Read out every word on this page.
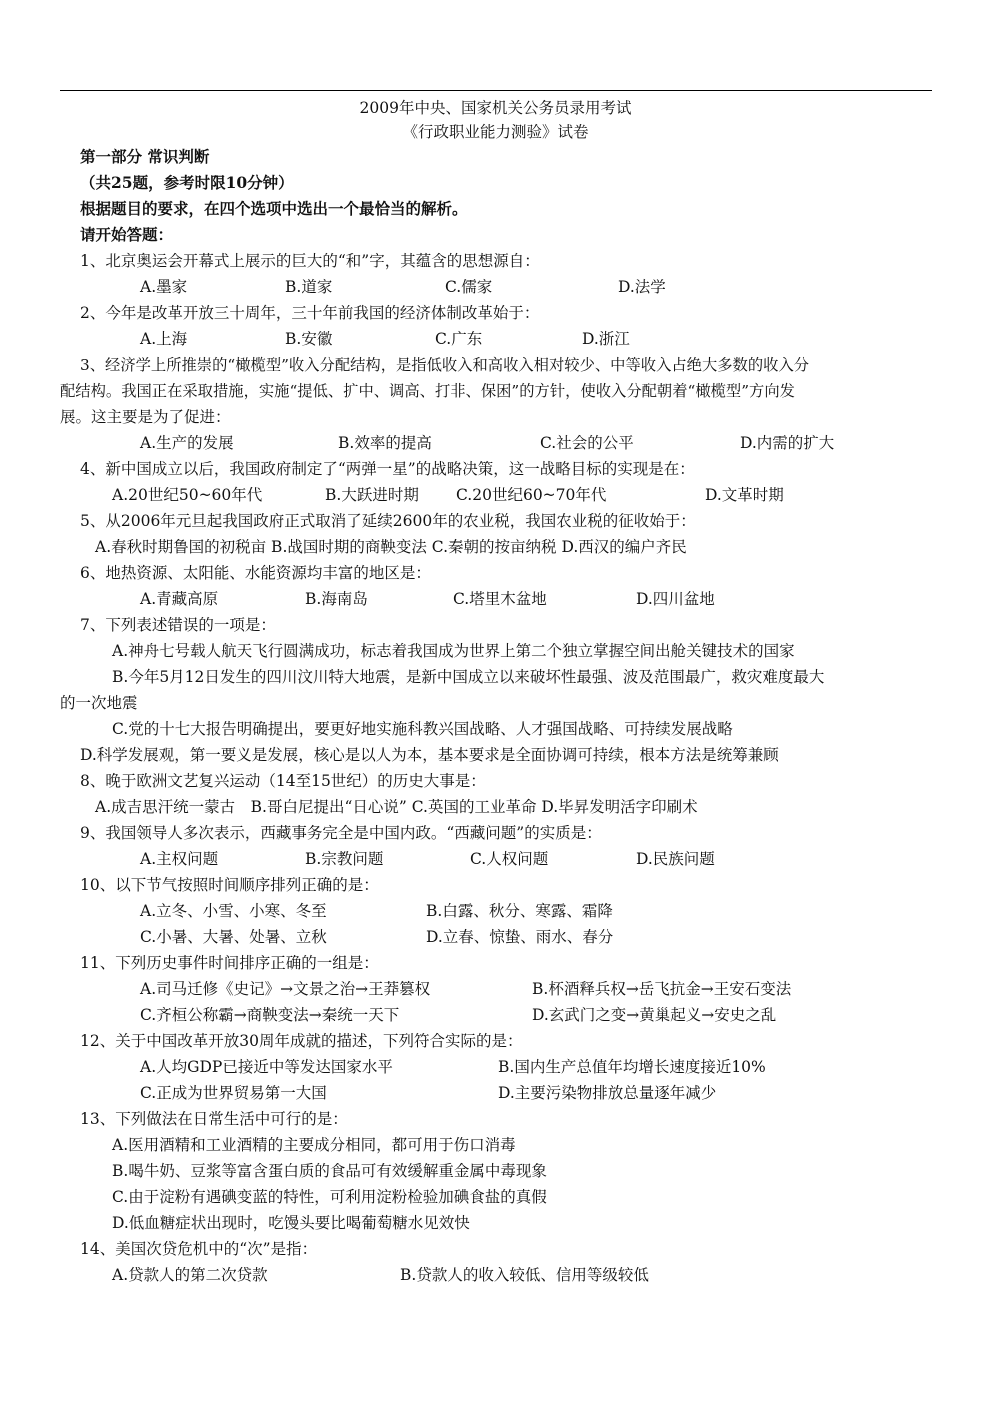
2009年中央、国家机关公务员录用考试
《行政职业能力测验》试卷
第一部分 常识判断
（共25题，参考时限10分钟）
根据题目的要求，在四个选项中选出一个最恰当的解析。
请开始答题：
1、北京奥运会开幕式上展示的巨大的“和”字，其蕴含的思想源自：
A.墨家	B.道家	C.儒家	D.法学
2、今年是改革开放三十周年，三十年前我国的经济体制改革始于：
A.上海	B.安徽	C.广东	D.浙江
3、经济学上所推崇的“橄榄型”收入分配结构，是指低收入和高收入相对较少、中等收入占绝大多数的收入分
配结构。我国正在采取措施，实施“提低、扩中、调高、打非、保困”的方针，使收入分配朝着“橄榄型”方向发
展。这主要是为了促进：
A.生产的发展	B.效率的提高	C.社会的公平	D.内需的扩大
4、新中国成立以后，我国政府制定了“两弹一星”的战略决策，这一战略目标的实现是在：
A.20世纪50~60年代	B.大跃进时期 C.20世纪60~70年代	D.文革时期
5、从2006年元旦起我国政府正式取消了延续2600年的农业税，我国农业税的征收始于：
A.春秋时期鲁国的初税亩 B.战国时期的商鞅变法 C.秦朝的按亩纳税 D.西汉的编户齐民
6、地热资源、太阳能、水能资源均丰富的地区是：
A.青藏高原	B.海南岛	C.塔里木盆地	D.四川盆地
7、下列表述错误的一项是：
A.神舟七号载人航天飞行圆满成功，标志着我国成为世界上第二个独立掌握空间出舱关键技术的国家
B.今年5月12日发生的四川汶川特大地震，是新中国成立以来破坏性最强、波及范围最广，救灾难度最大
的一次地震
C.党的十七大报告明确提出，要更好地实施科教兴国战略、人才强国战略、可持续发展战略
D.科学发展观，第一要义是发展，核心是以人为本，基本要求是全面协调可持续，根本方法是统筹兼顾
8、晚于欧洲文艺复兴运动（14至15世纪）的历史大事是：
A.成吉思汗统一蒙古　B.哥白尼提出“日心说” C.英国的工业革命 D.毕昇发明活字印刷术
9、我国领导人多次表示，西藏事务完全是中国内政。“西藏问题”的实质是：
A.主权问题	B.宗教问题	C.人权问题	D.民族问题
10、以下节气按照时间顺序排列正确的是：
A.立冬、小雪、小寒、冬至	B.白露、秋分、寒露、霜降
C.小暑、大暑、处暑、立秋	D.立春、惊蛰、雨水、春分
11、下列历史事件时间排序正确的一组是：
A.司马迁修《史记》→文景之治→王莽篡权	B.杯酒释兵权→岳飞抗金→王安石变法
C.齐桓公称霸→商鞅变法→秦统一天下	D.玄武门之变→黄巢起义→安史之乱
12、关于中国改革开放30周年成就的描述，下列符合实际的是：
A.人均GDP已接近中等发达国家水平	B.国内生产总值年均增长速度接近10%
C.正成为世界贸易第一大国	D.主要污染物排放总量逐年减少
13、下列做法在日常生活中可行的是：
A.医用酒精和工业酒精的主要成分相同，都可用于伤口消毒
B.喝牛奶、豆浆等富含蛋白质的食品可有效缓解重金属中毒现象
C.由于淀粉有遇碘变蓝的特性，可利用淀粉检验加碘食盐的真假
D.低血糖症状出现时，吃馒头要比喝葡萄糖水见效快
14、美国次贷危机中的“次”是指：
A.贷款人的第二次贷款	B.贷款人的收入较低、信用等级较低
